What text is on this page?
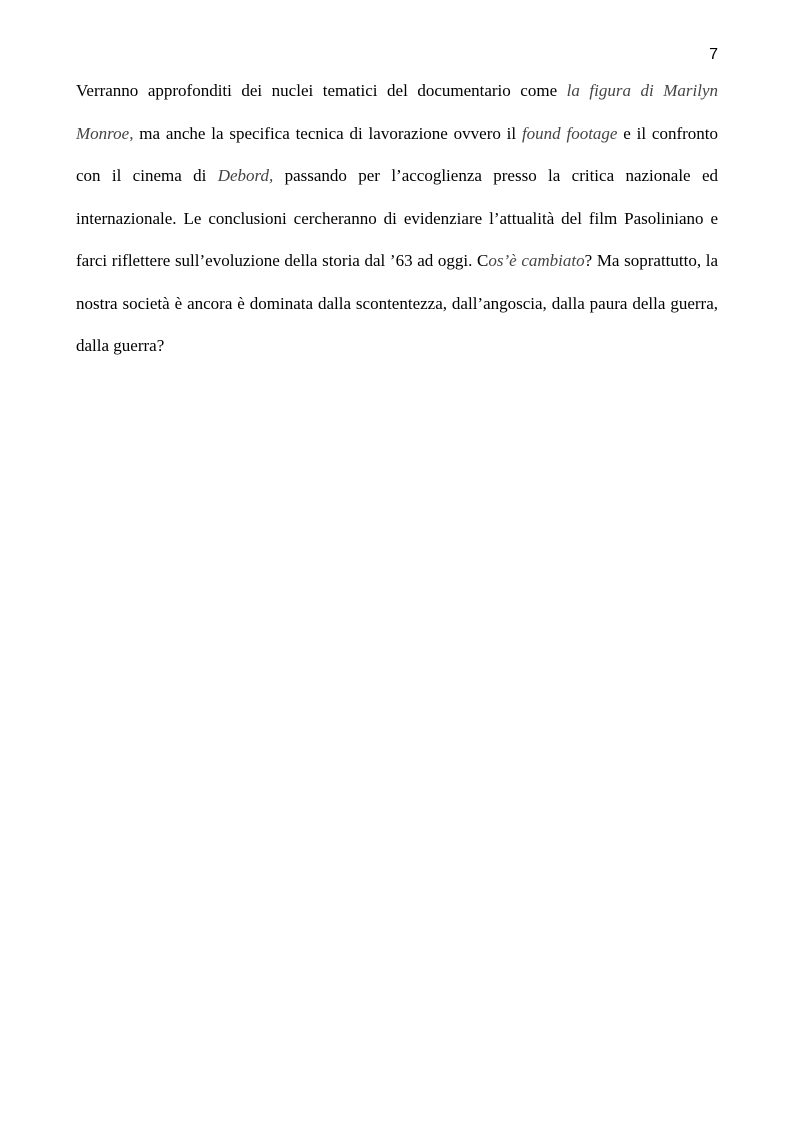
7

Verranno approfonditi dei nuclei tematici del documentario come la figura di Marilyn Monroe, ma anche la specifica tecnica di lavorazione ovvero il found footage e il confronto con il cinema di Debord, passando per l’accoglienza presso la critica nazionale ed internazionale. Le conclusioni cercheranno di evidenziare l’attualità del film Pasoliniano e farci riflettere sull’evoluzione della storia dal ’63 ad oggi. Cos’è cambiato? Ma soprattutto, la nostra società è ancora è dominata dalla scontentezza, dall’angoscia, dalla paura della guerra, dalla guerra?
